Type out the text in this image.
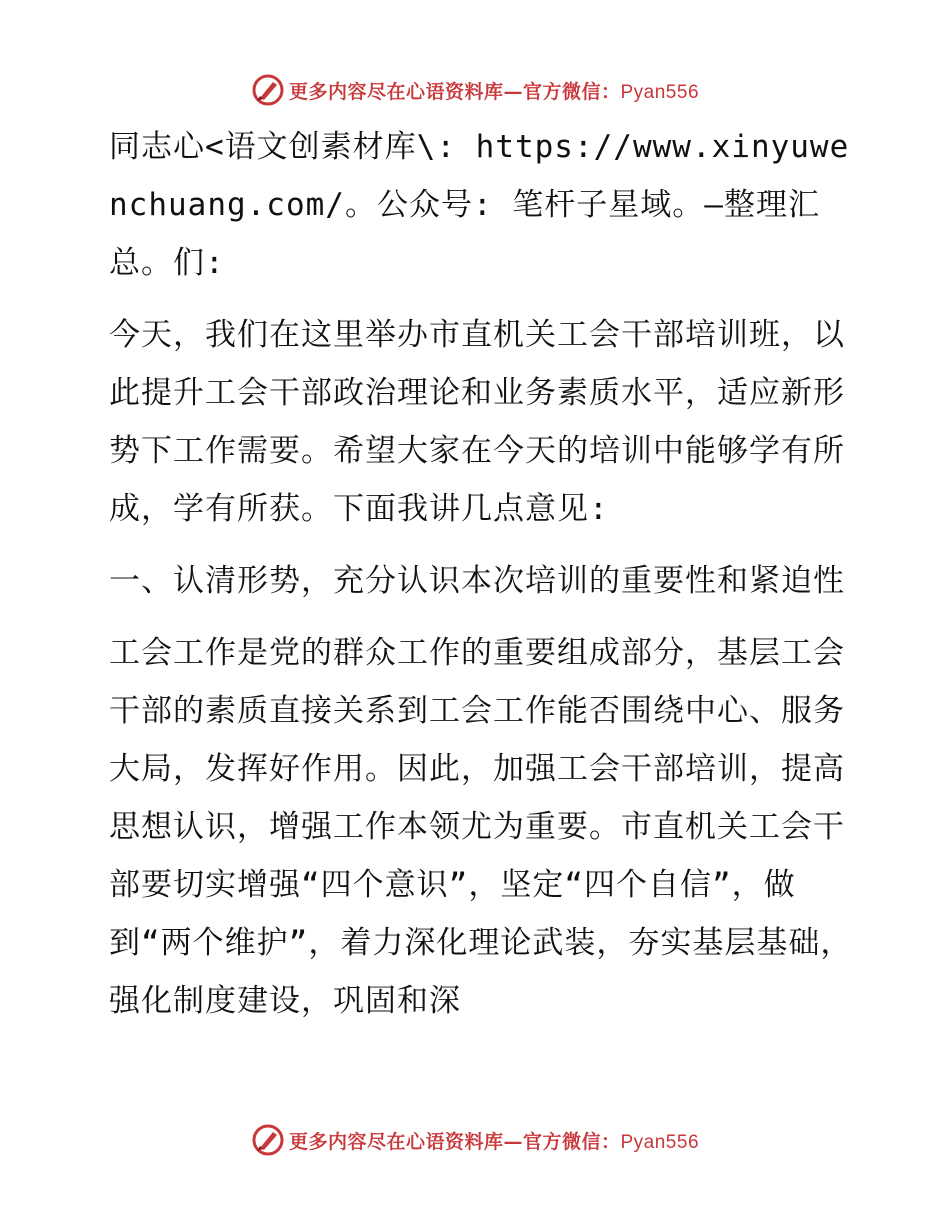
更多内容尽在心语资料库—官方微信：Pyan556

同志心<语文创素材库\: https://www.xinyuwenchuang.com/。公众号: 笔杆子星域。—整理汇总。们:

今天，我们在这里举办市直机关工会干部培训班，以此提升工会干部政治理论和业务素质水平，适应新形势下工作需要。希望大家在今天的培训中能够学有所成，学有所获。下面我讲几点意见:

一、认清形势，充分认识本次培训的重要性和紧迫性

工会工作是党的群众工作的重要组成部分，基层工会干部的素质直接关系到工会工作能否围绕中心、服务大局，发挥好作用。因此，加强工会干部培训，提高思想认识，增强工作本领尤为重要。市直机关工会干部要切实增强“四个意识”，坚定“四个自信”，做到“两个维护”，着力深化理论武装，夯实基层基础，强化制度建设，巩固和深

更多内容尽在心语资料库—官方微信：Pyan556
